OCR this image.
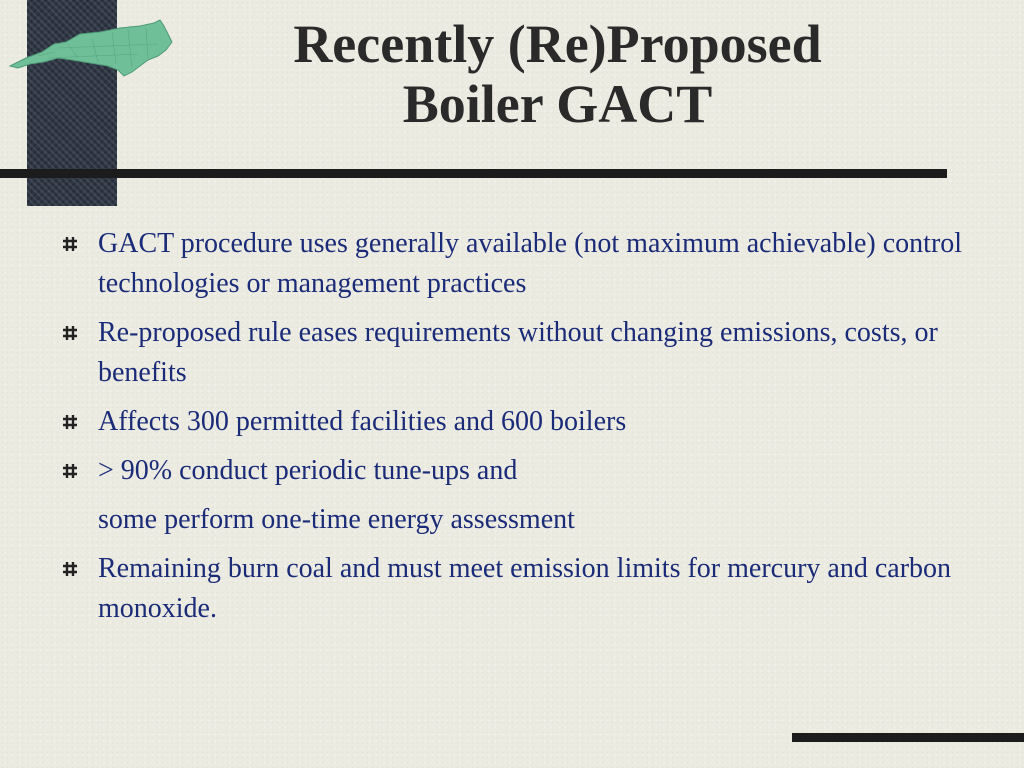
Recently (Re)Proposed
Boiler GACT
GACT procedure uses generally available (not maximum achievable) control technologies or management practices
Re-proposed rule eases requirements without changing emissions, costs, or benefits
Affects 300 permitted facilities and 600 boilers
> 90% conduct periodic tune-ups and
some perform one-time energy assessment
Remaining burn coal and must meet emission limits for mercury and carbon monoxide.
